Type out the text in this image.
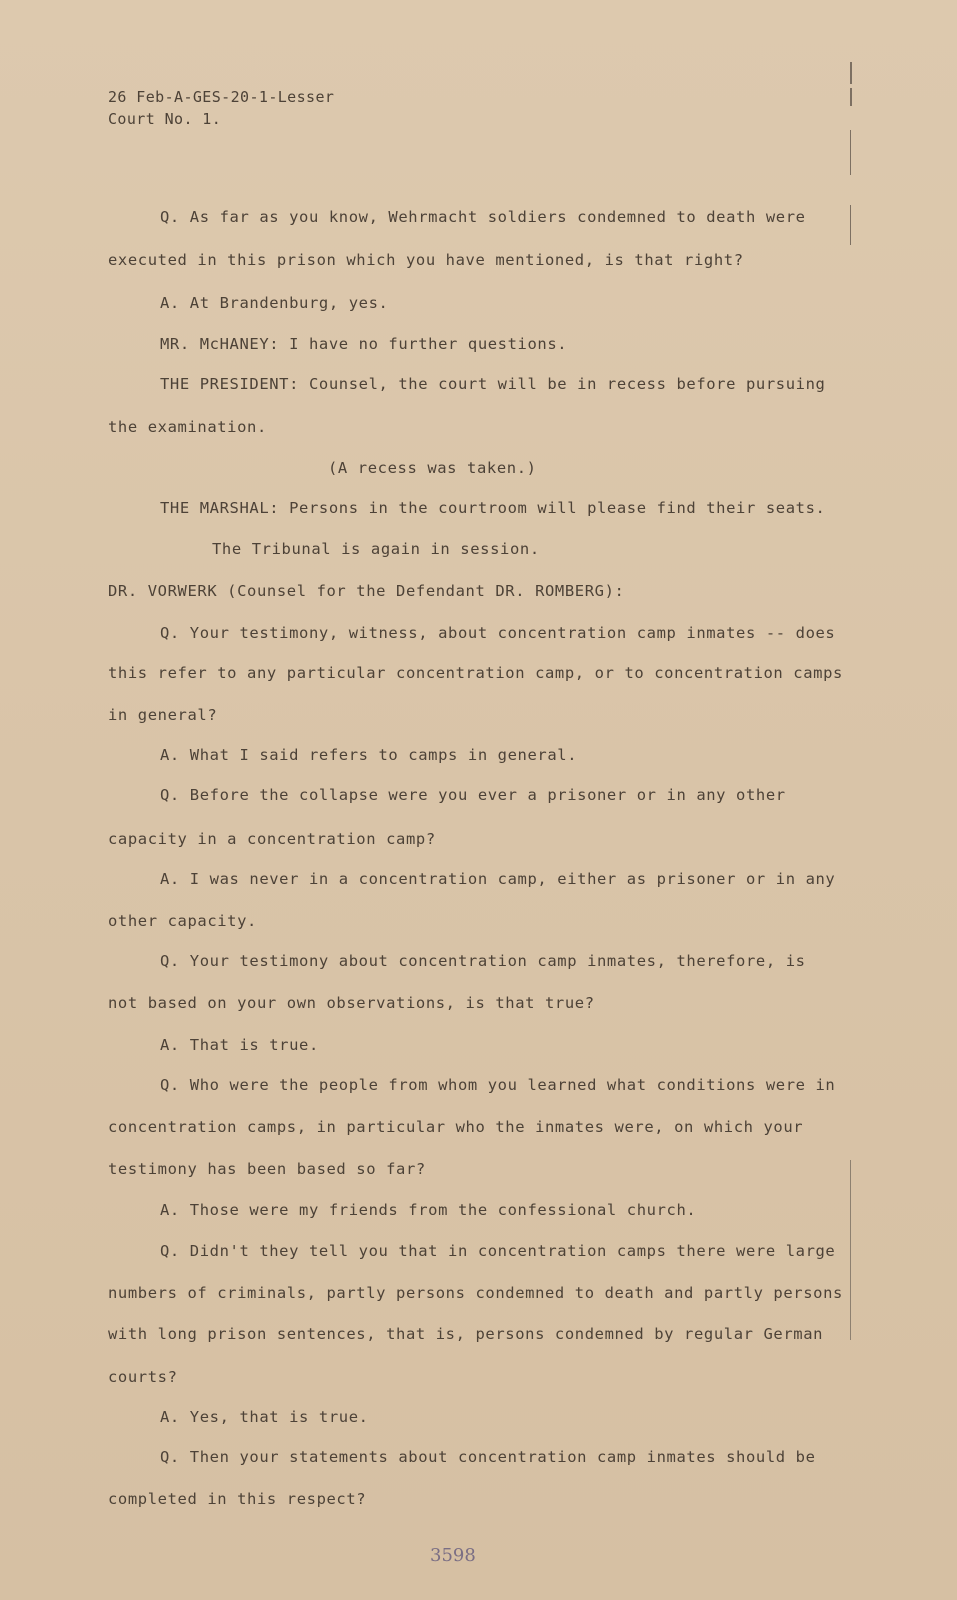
26 Feb-A-GES-20-1-Lesser
Court No. 1.
Q. As far as you know, Wehrmacht soldiers condemned to death were
executed in this prison which you have mentioned, is that right?
A. At Brandenburg, yes.
MR. McHANEY: I have no further questions.
THE PRESIDENT: Counsel, the court will be in recess before pursuing
the examination.
(A recess was taken.)
THE MARSHAL: Persons in the courtroom will please find their seats.
The Tribunal is again in session.
DR. VORWERK (Counsel for the Defendant DR. ROMBERG):
Q. Your testimony, witness, about concentration camp inmates -- does
this refer to any particular concentration camp, or to concentration camps
in general?
A. What I said refers to camps in general.
Q. Before the collapse were you ever a prisoner or in any other
capacity in a concentration camp?
A. I was never in a concentration camp, either as prisoner or in any
other capacity.
Q. Your testimony about concentration camp inmates, therefore, is
not based on your own observations, is that true?
A. That is true.
Q. Who were the people from whom you learned what conditions were in
concentration camps, in particular who the inmates were, on which your
testimony has been based so far?
A. Those were my friends from the confessional church.
Q. Didn't they tell you that in concentration camps there were large
numbers of criminals, partly persons condemned to death and partly persons
with long prison sentences, that is, persons condemned by regular German
courts?
A. Yes, that is true.
Q. Then your statements about concentration camp inmates should be
completed in this respect?
3598
